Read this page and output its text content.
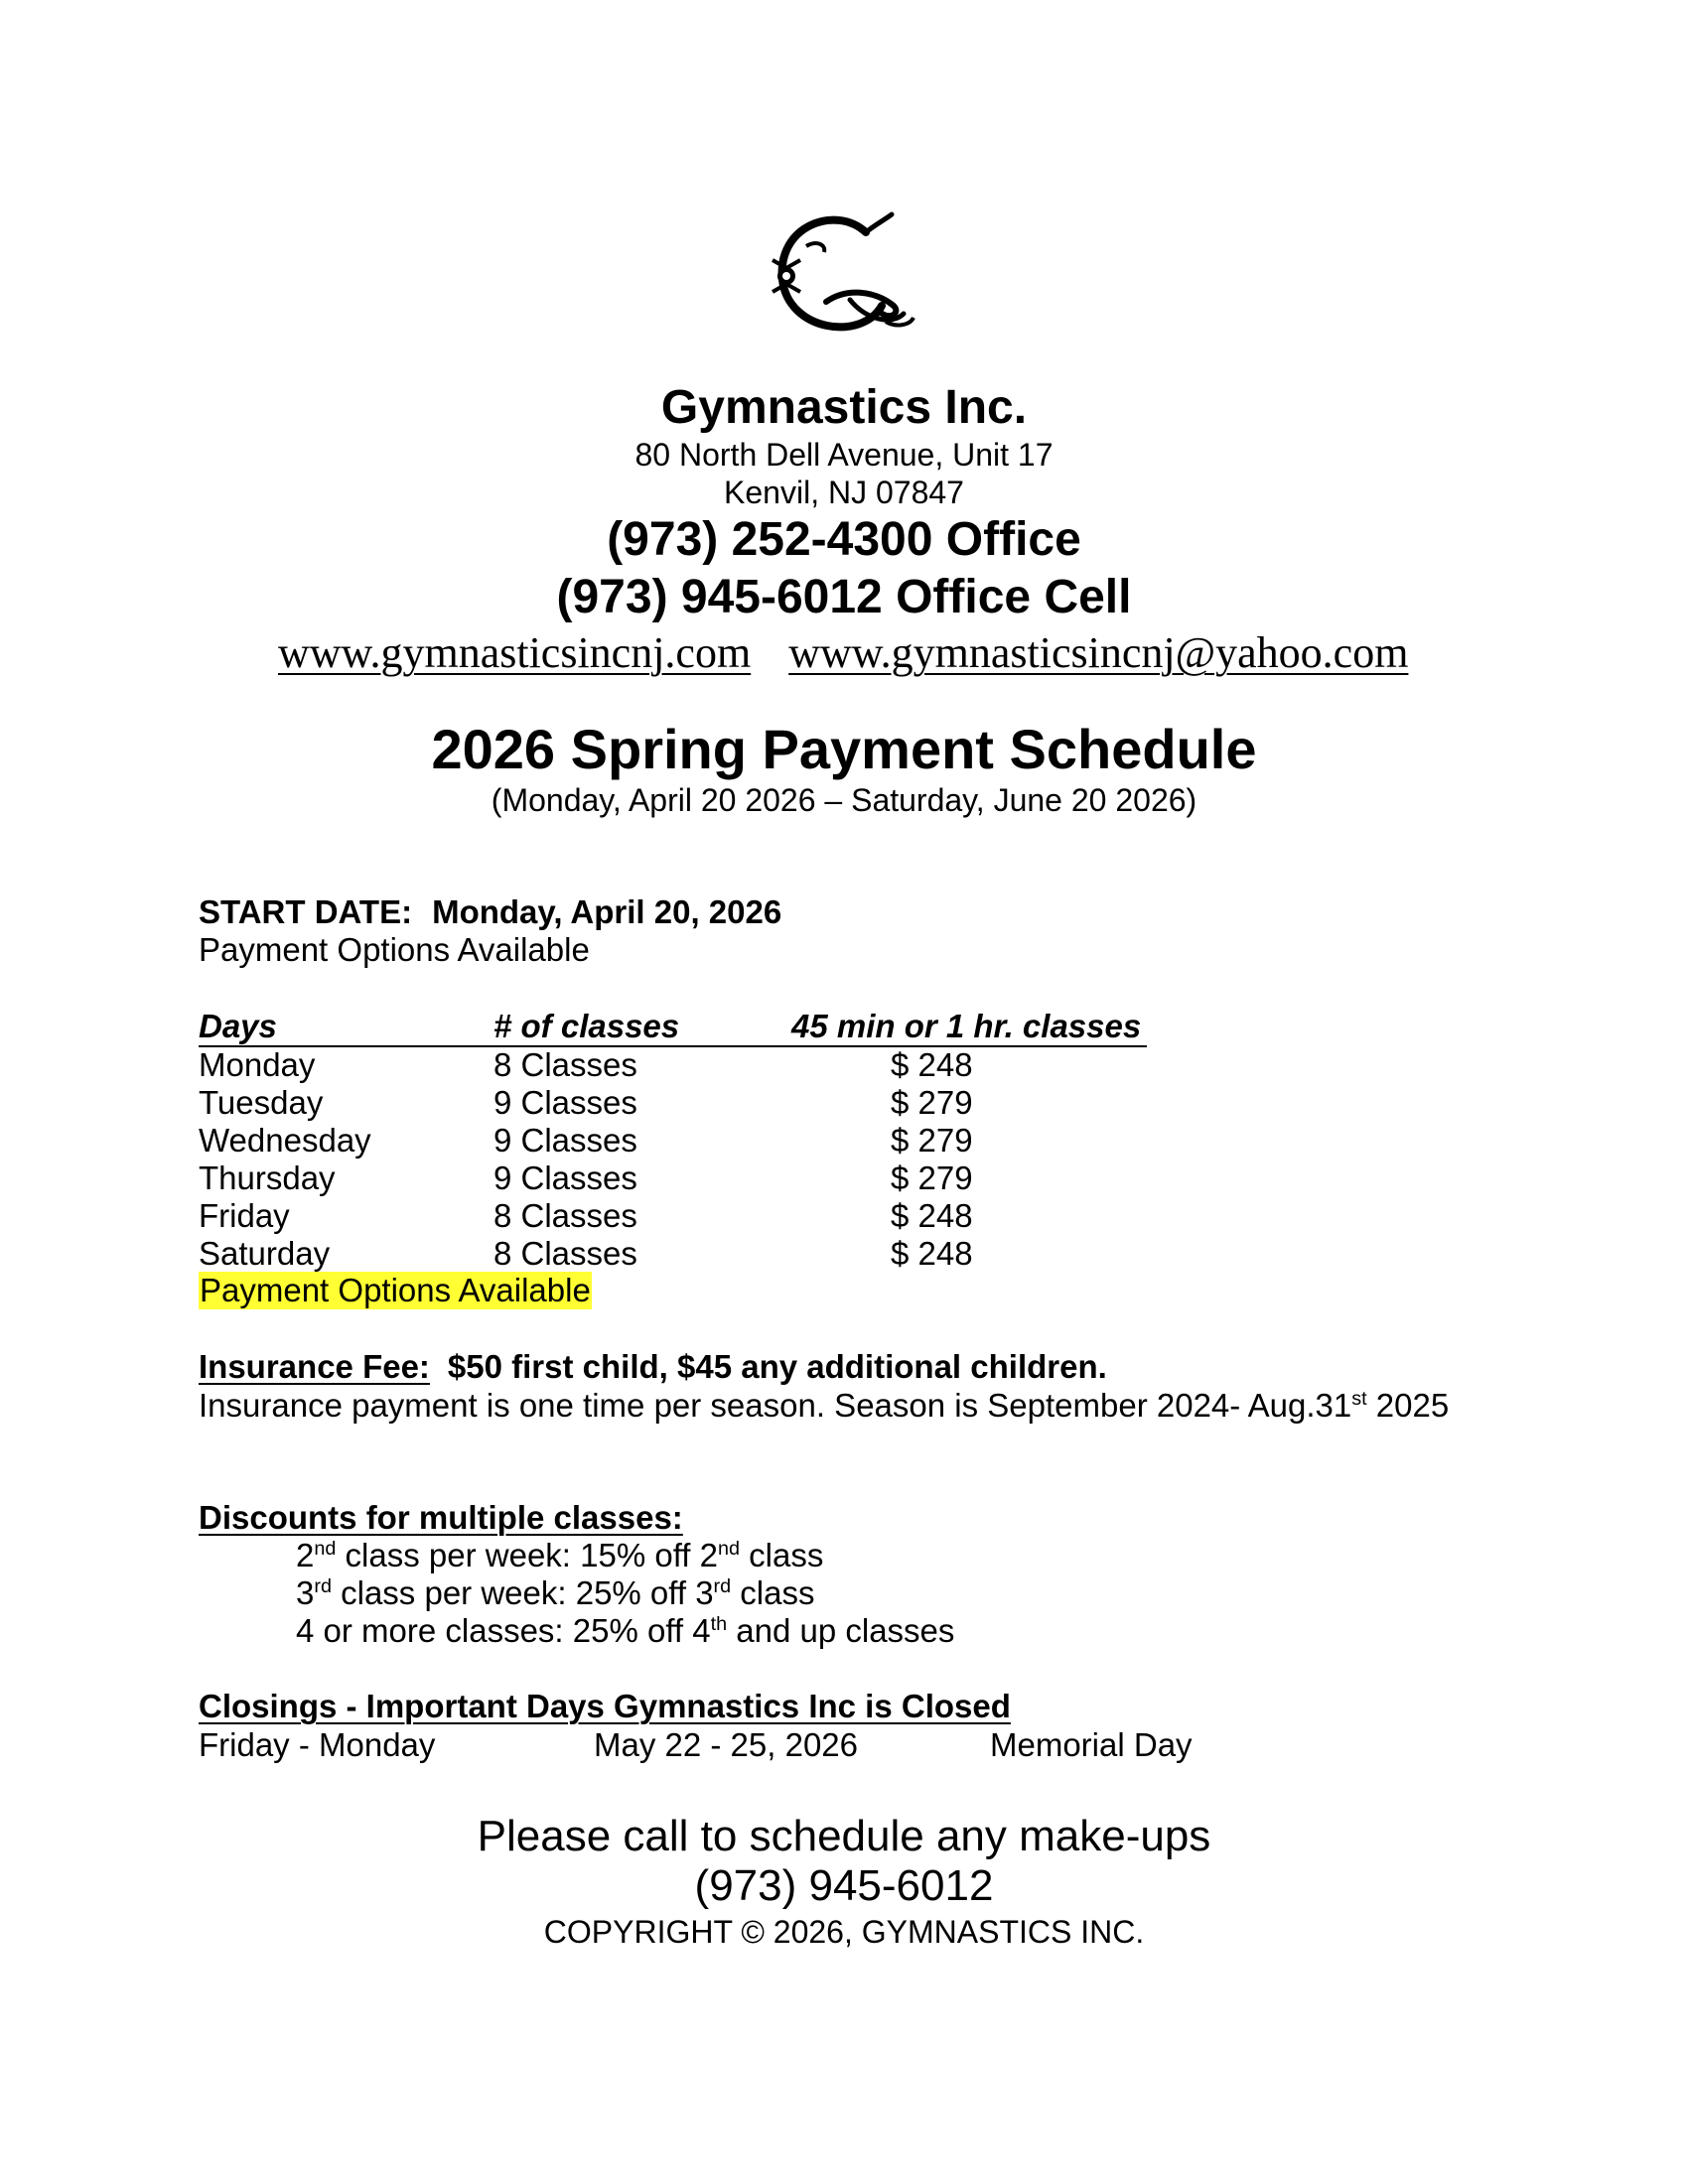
Gymnastics Inc.
80 North Dell Avenue, Unit 17
Kenvil, NJ 07847
(973) 252-4300 Office
(973) 945-6012 Office Cell
www.gymnasticsincnj.com www.gymnasticsincnj@yahoo.com
2026 Spring Payment Schedule
(Monday, April 20 2026 – Saturday, June 20 2026)
START DATE: Monday, April 20, 2026
Payment Options Available
Days	# of classes	45 min or 1 hr. classes
Monday	8 Classes	$ 248
Tuesday	9 Classes	$ 279
Wednesday	9 Classes	$ 279
Thursday	9 Classes	$ 279
Friday	8 Classes	$ 248
Saturday	8 Classes	$ 248
Payment Options Available
Insurance Fee: $50 first child, $45 any additional children.
Insurance payment is one time per season. Season is September 2024- Aug.31st 2025
Discounts for multiple classes:
2nd class per week: 15% off 2nd class
3rd class per week: 25% off 3rd class
4 or more classes: 25% off 4th and up classes
Closings - Important Days Gymnastics Inc is Closed
Friday - Monday	May 22 - 25, 2026	Memorial Day
Please call to schedule any make-ups
(973) 945-6012
COPYRIGHT © 2026, GYMNASTICS INC.
